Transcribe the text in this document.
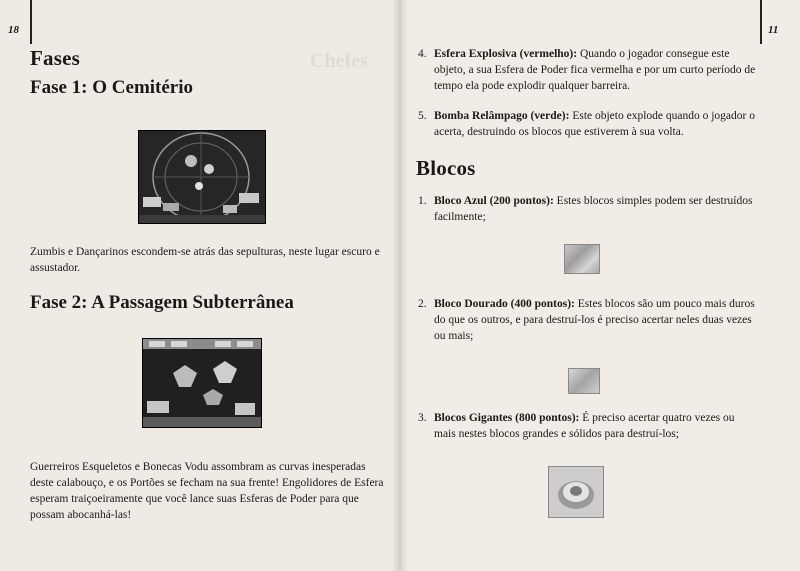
18
Chefes
Fases
Fase 1: O Cemitério

Zumbis e Dançarinos escondem-se atrás das sepulturas, neste lugar escuro e assustador.

Fase 2: A Passagem Subterrânea

Guerreiros Esqueletos e Bonecas Vodu assombram as curvas inesperadas deste calabouço, e os Portões se fecham na sua frente! Engolidores de Esfera esperam traiçoeiramente que você lance suas Esferas de Poder para que possam abocanhá-las!

11
4. Esfera Explosiva (vermelho): Quando o jogador consegue este objeto, a sua Esfera de Poder fica vermelha e por um curto período de tempo ela pode explodir qualquer barreira.
5. Bomba Relâmpago (verde): Este objeto explode quando o jogador o acerta, destruindo os blocos que estiverem à sua volta.
Blocos
1. Bloco Azul (200 pontos): Estes blocos simples podem ser destruídos facilmente;
2. Bloco Dourado (400 pontos): Estes blocos são um pouco mais duros do que os outros, e para destruí-los é preciso acertar neles duas vezes ou mais;
3. Blocos Gigantes (800 pontos): É preciso acertar quatro vezes ou mais nestes blocos grandes e sólidos para destruí-los;
